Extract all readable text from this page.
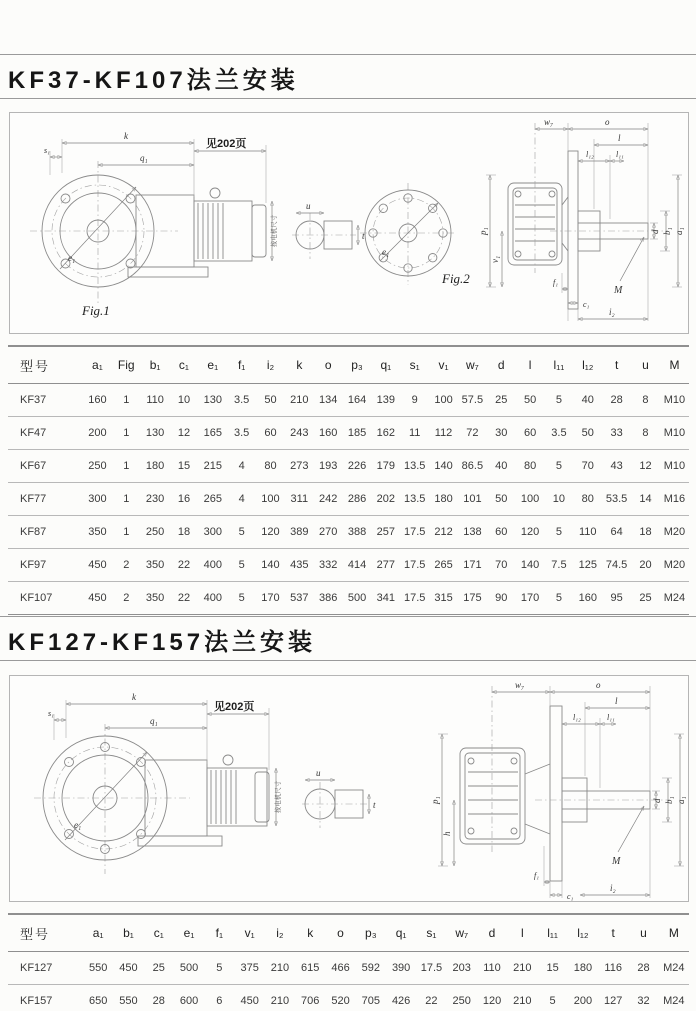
KF37-KF107法兰安装
e₁
k
s₁
q₁
见202页
按电机尺寸
Fig.1
u
t
e₁
Fig.2
w₇	o
l
l₁₂	l₁₁
d b₁ a₁
p₁
v₁
f₁
c₁
i₂
M
型号	a₁	Fig	b₁	c₁	e₁	f₁	i₂	k	o	p₃	q₁	s₁	v₁	w₇	d	l	l₁₁	l₁₂	t	u	M
KF37	160	1	110	10	130	3.5	50	210	134	164	139	9	100	57.5	25	50	5	40	28	8	M10
KF47	200	1	130	12	165	3.5	60	243	160	185	162	11	112	72	30	60	3.5	50	33	8	M10
KF67	250	1	180	15	215	4	80	273	193	226	179	13.5	140	86.5	40	80	5	70	43	12	M10
KF77	300	1	230	16	265	4	100	311	242	286	202	13.5	180	101	50	100	10	80	53.5	14	M16
KF87	350	1	250	18	300	5	120	389	270	388	257	17.5	212	138	60	120	5	110	64	18	M20
KF97	450	2	350	22	400	5	140	435	332	414	277	17.5	265	171	70	140	7.5	125	74.5	20	M20
KF107	450	2	350	22	400	5	170	537	386	500	341	17.5	315	175	90	170	5	160	95	25	M24
KF127-KF157法兰安装
e₁
k
s₁
q₁
见202页
按电机尺寸
u
t
w₇	o
l
l₁₂	l₁₁
d b₁ a₁
p₁
h
f₁
c₁
i₂
M
型号	a₁	b₁	c₁	e₁	f₁	v₁	i₂	k	o	p₃	q₁	s₁	w₇	d	l	l₁₁	l₁₂	t	u	M
KF127	550	450	25	500	5	375	210	615	466	592	390	17.5	203	110	210	15	180	116	28	M24
KF157	650	550	28	600	6	450	210	706	520	705	426	22	250	120	210	5	200	127	32	M24
